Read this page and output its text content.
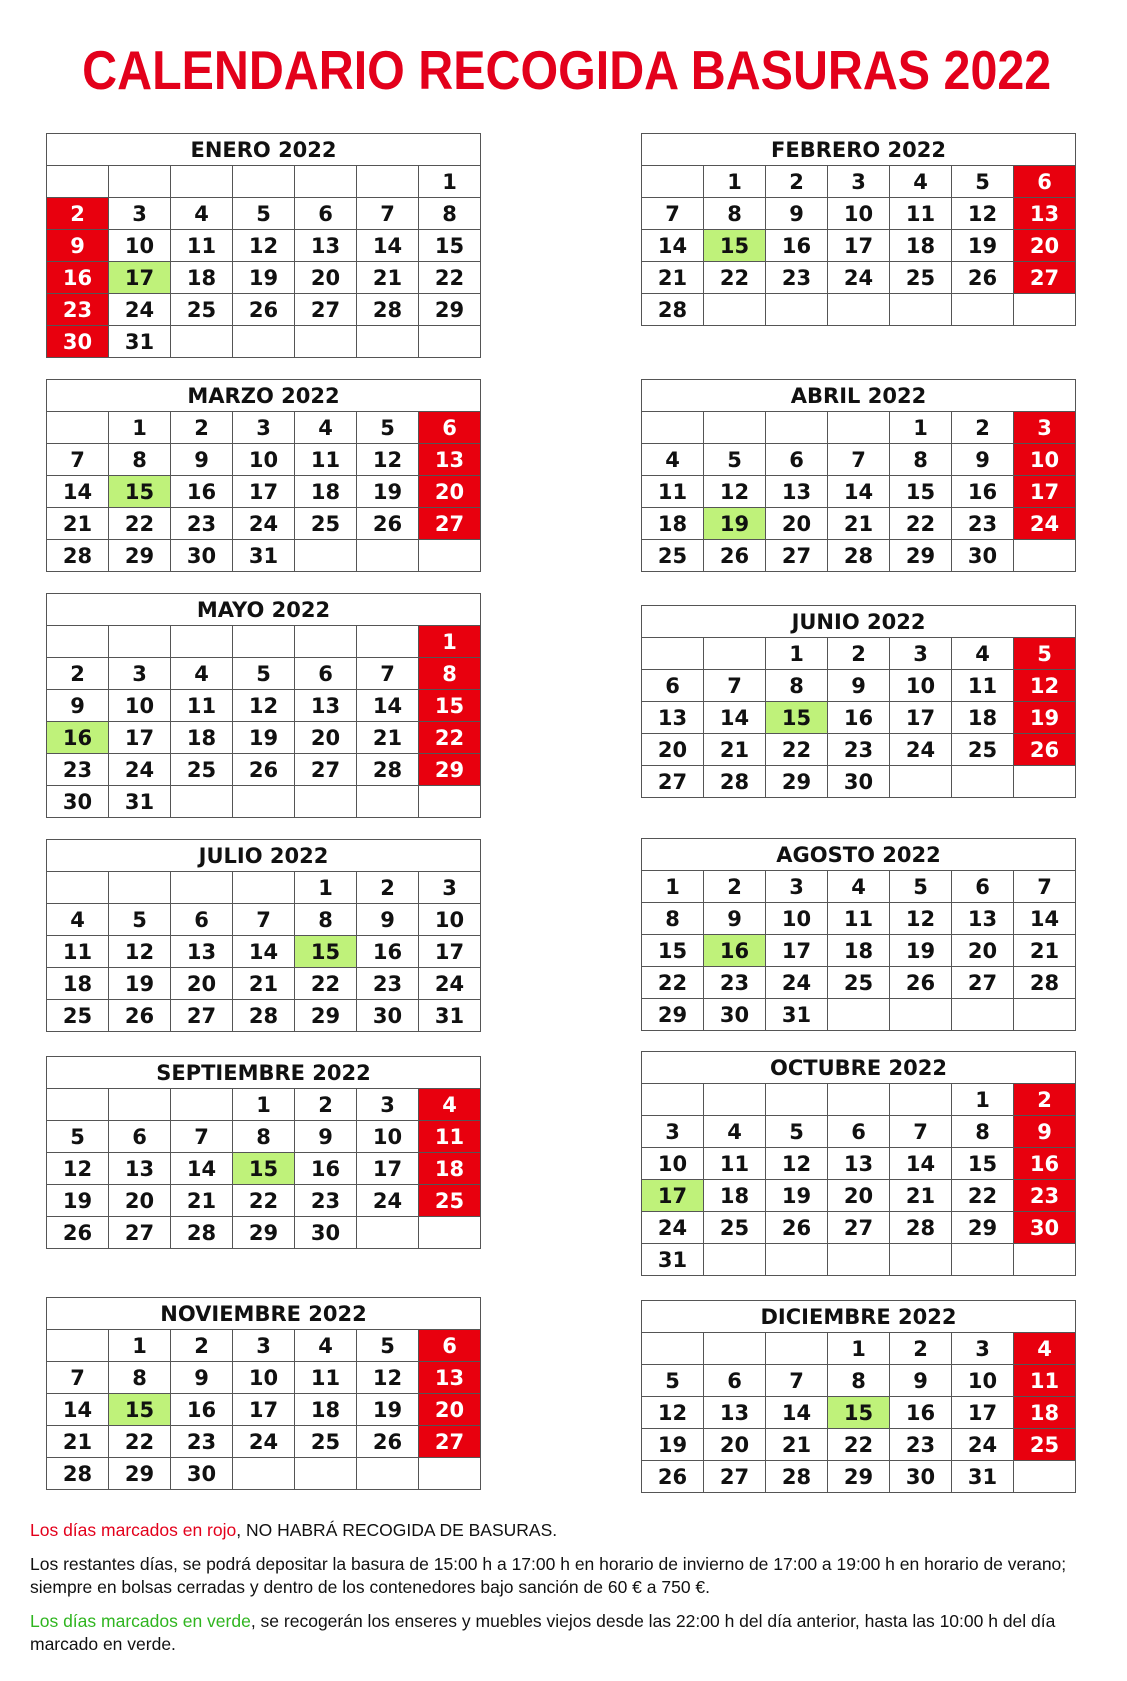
CALENDARIO RECOGIDA BASURAS 2022
ENERO 2022						
						1
2	3	4	5	6	7	8
9	10	11	12	13	14	15
16	17	18	19	20	21	22
23	24	25	26	27	28	29
30	31					
FEBRERO 2022						
	1	2	3	4	5	6
7	8	9	10	11	12	13
14	15	16	17	18	19	20
21	22	23	24	25	26	27
28						
MARZO 2022						
	1	2	3	4	5	6
7	8	9	10	11	12	13
14	15	16	17	18	19	20
21	22	23	24	25	26	27
28	29	30	31			
ABRIL 2022						
				1	2	3
4	5	6	7	8	9	10
11	12	13	14	15	16	17
18	19	20	21	22	23	24
25	26	27	28	29	30	
MAYO 2022						
						1
2	3	4	5	6	7	8
9	10	11	12	13	14	15
16	17	18	19	20	21	22
23	24	25	26	27	28	29
30	31					
JUNIO 2022						
		1	2	3	4	5
6	7	8	9	10	11	12
13	14	15	16	17	18	19
20	21	22	23	24	25	26
27	28	29	30			
JULIO 2022						
				1	2	3
4	5	6	7	8	9	10
11	12	13	14	15	16	17
18	19	20	21	22	23	24
25	26	27	28	29	30	31
AGOSTO 2022						
1	2	3	4	5	6	7
8	9	10	11	12	13	14
15	16	17	18	19	20	21
22	23	24	25	26	27	28
29	30	31				
SEPTIEMBRE 2022						
			1	2	3	4
5	6	7	8	9	10	11
12	13	14	15	16	17	18
19	20	21	22	23	24	25
26	27	28	29	30		
OCTUBRE 2022						
					1	2
3	4	5	6	7	8	9
10	11	12	13	14	15	16
17	18	19	20	21	22	23
24	25	26	27	28	29	30
31						
NOVIEMBRE 2022						
	1	2	3	4	5	6
7	8	9	10	11	12	13
14	15	16	17	18	19	20
21	22	23	24	25	26	27
28	29	30				
DICIEMBRE 2022						
			1	2	3	4
5	6	7	8	9	10	11
12	13	14	15	16	17	18
19	20	21	22	23	24	25
26	27	28	29	30	31	

Los días marcados en rojo, NO HABRÁ RECOGIDA DE BASURAS.

Los restantes días, se podrá depositar la basura de 15:00 h a 17:00 h en horario de invierno de 17:00 a 19:00 h en horario de verano; siempre en bolsas cerradas y dentro de los contenedores bajo sanción de 60 € a 750 €.

Los días marcados en verde, se recogerán los enseres y muebles viejos desde las 22:00 h del día anterior, hasta las 10:00 h del día marcado en verde.
